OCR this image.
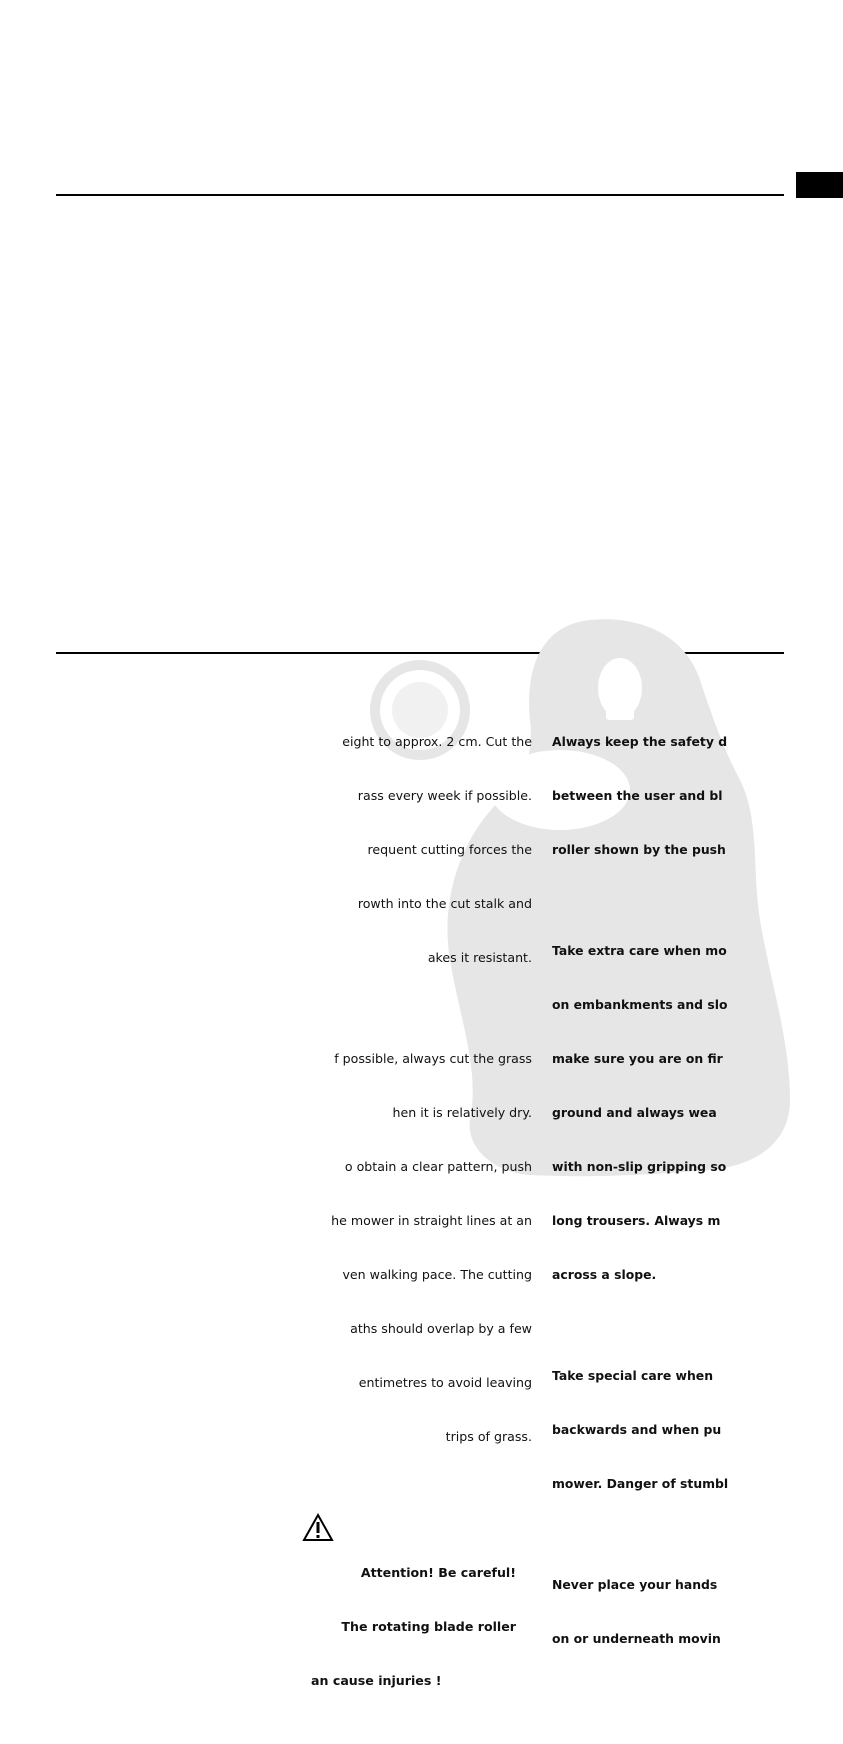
eight to approx. 2 cm. Cut the

rass every week if possible.

requent cutting forces the

rowth into the cut stalk and

akes it resistant.

f possible, always cut the grass

hen it is relatively dry.

o obtain a clear pattern, push

he mower in straight lines at an

ven walking pace. The cutting

aths should overlap by a few

entimetres to avoid leaving

trips of grass.

Attention! Be careful!

The rotating blade roller

an cause injuries !

Always keep the safety d

between the user and bl

roller shown by the push

Take extra care when mo

on embankments and slo

make sure you are on fir

ground and always wea

with non-slip gripping so

long trousers. Always m

across a slope.

Take special care when

backwards and when pu

mower. Danger of stumbl

Never place your hands

on or underneath movin
